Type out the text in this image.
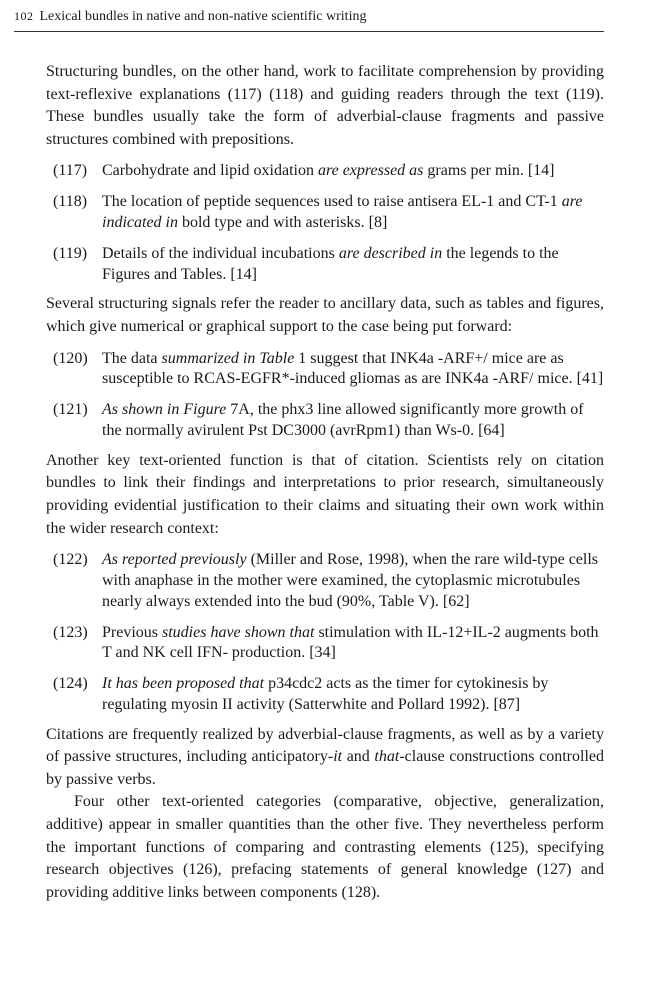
102 Lexical bundles in native and non-native scientific writing

Structuring bundles, on the other hand, work to facilitate comprehension by providing text-reflexive explanations (117) (118) and guiding readers through the text (119). These bundles usually take the form of adverbial-clause fragments and passive structures combined with prepositions.

(117) Carbohydrate and lipid oxidation are expressed as grams per min. [14]
(118) The location of peptide sequences used to raise antisera EL-1 and CT-1 are indicated in bold type and with asterisks. [8]
(119) Details of the individual incubations are described in the legends to the Figures and Tables. [14]

Several structuring signals refer the reader to ancillary data, such as tables and figures, which give numerical or graphical support to the case being put forward:

(120) The data summarized in Table 1 suggest that INK4a -ARF+/ mice are as susceptible to RCAS-EGFR*-induced gliomas as are INK4a -ARF/ mice. [41]
(121) As shown in Figure 7A, the phx3 line allowed significantly more growth of the normally avirulent Pst DC3000 (avrRpm1) than Ws-0. [64]

Another key text-oriented function is that of citation. Scientists rely on citation bundles to link their findings and interpretations to prior research, simultaneously providing evidential justification to their claims and situating their own work within the wider research context:

(122) As reported previously (Miller and Rose, 1998), when the rare wild-type cells with anaphase in the mother were examined, the cytoplasmic microtubules nearly always extended into the bud (90%, Table V). [62]
(123) Previous studies have shown that stimulation with IL-12+IL-2 augments both T and NK cell IFN- production. [34]
(124) It has been proposed that p34cdc2 acts as the timer for cytokinesis by regulating myosin II activity (Satterwhite and Pollard 1992). [87]

Citations are frequently realized by adverbial-clause fragments, as well as by a variety of passive structures, including anticipatory-it and that-clause constructions controlled by passive verbs.

Four other text-oriented categories (comparative, objective, generalization, additive) appear in smaller quantities than the other five. They nevertheless perform the important functions of comparing and contrasting elements (125), specifying research objectives (126), prefacing statements of general knowledge (127) and providing additive links between components (128).
